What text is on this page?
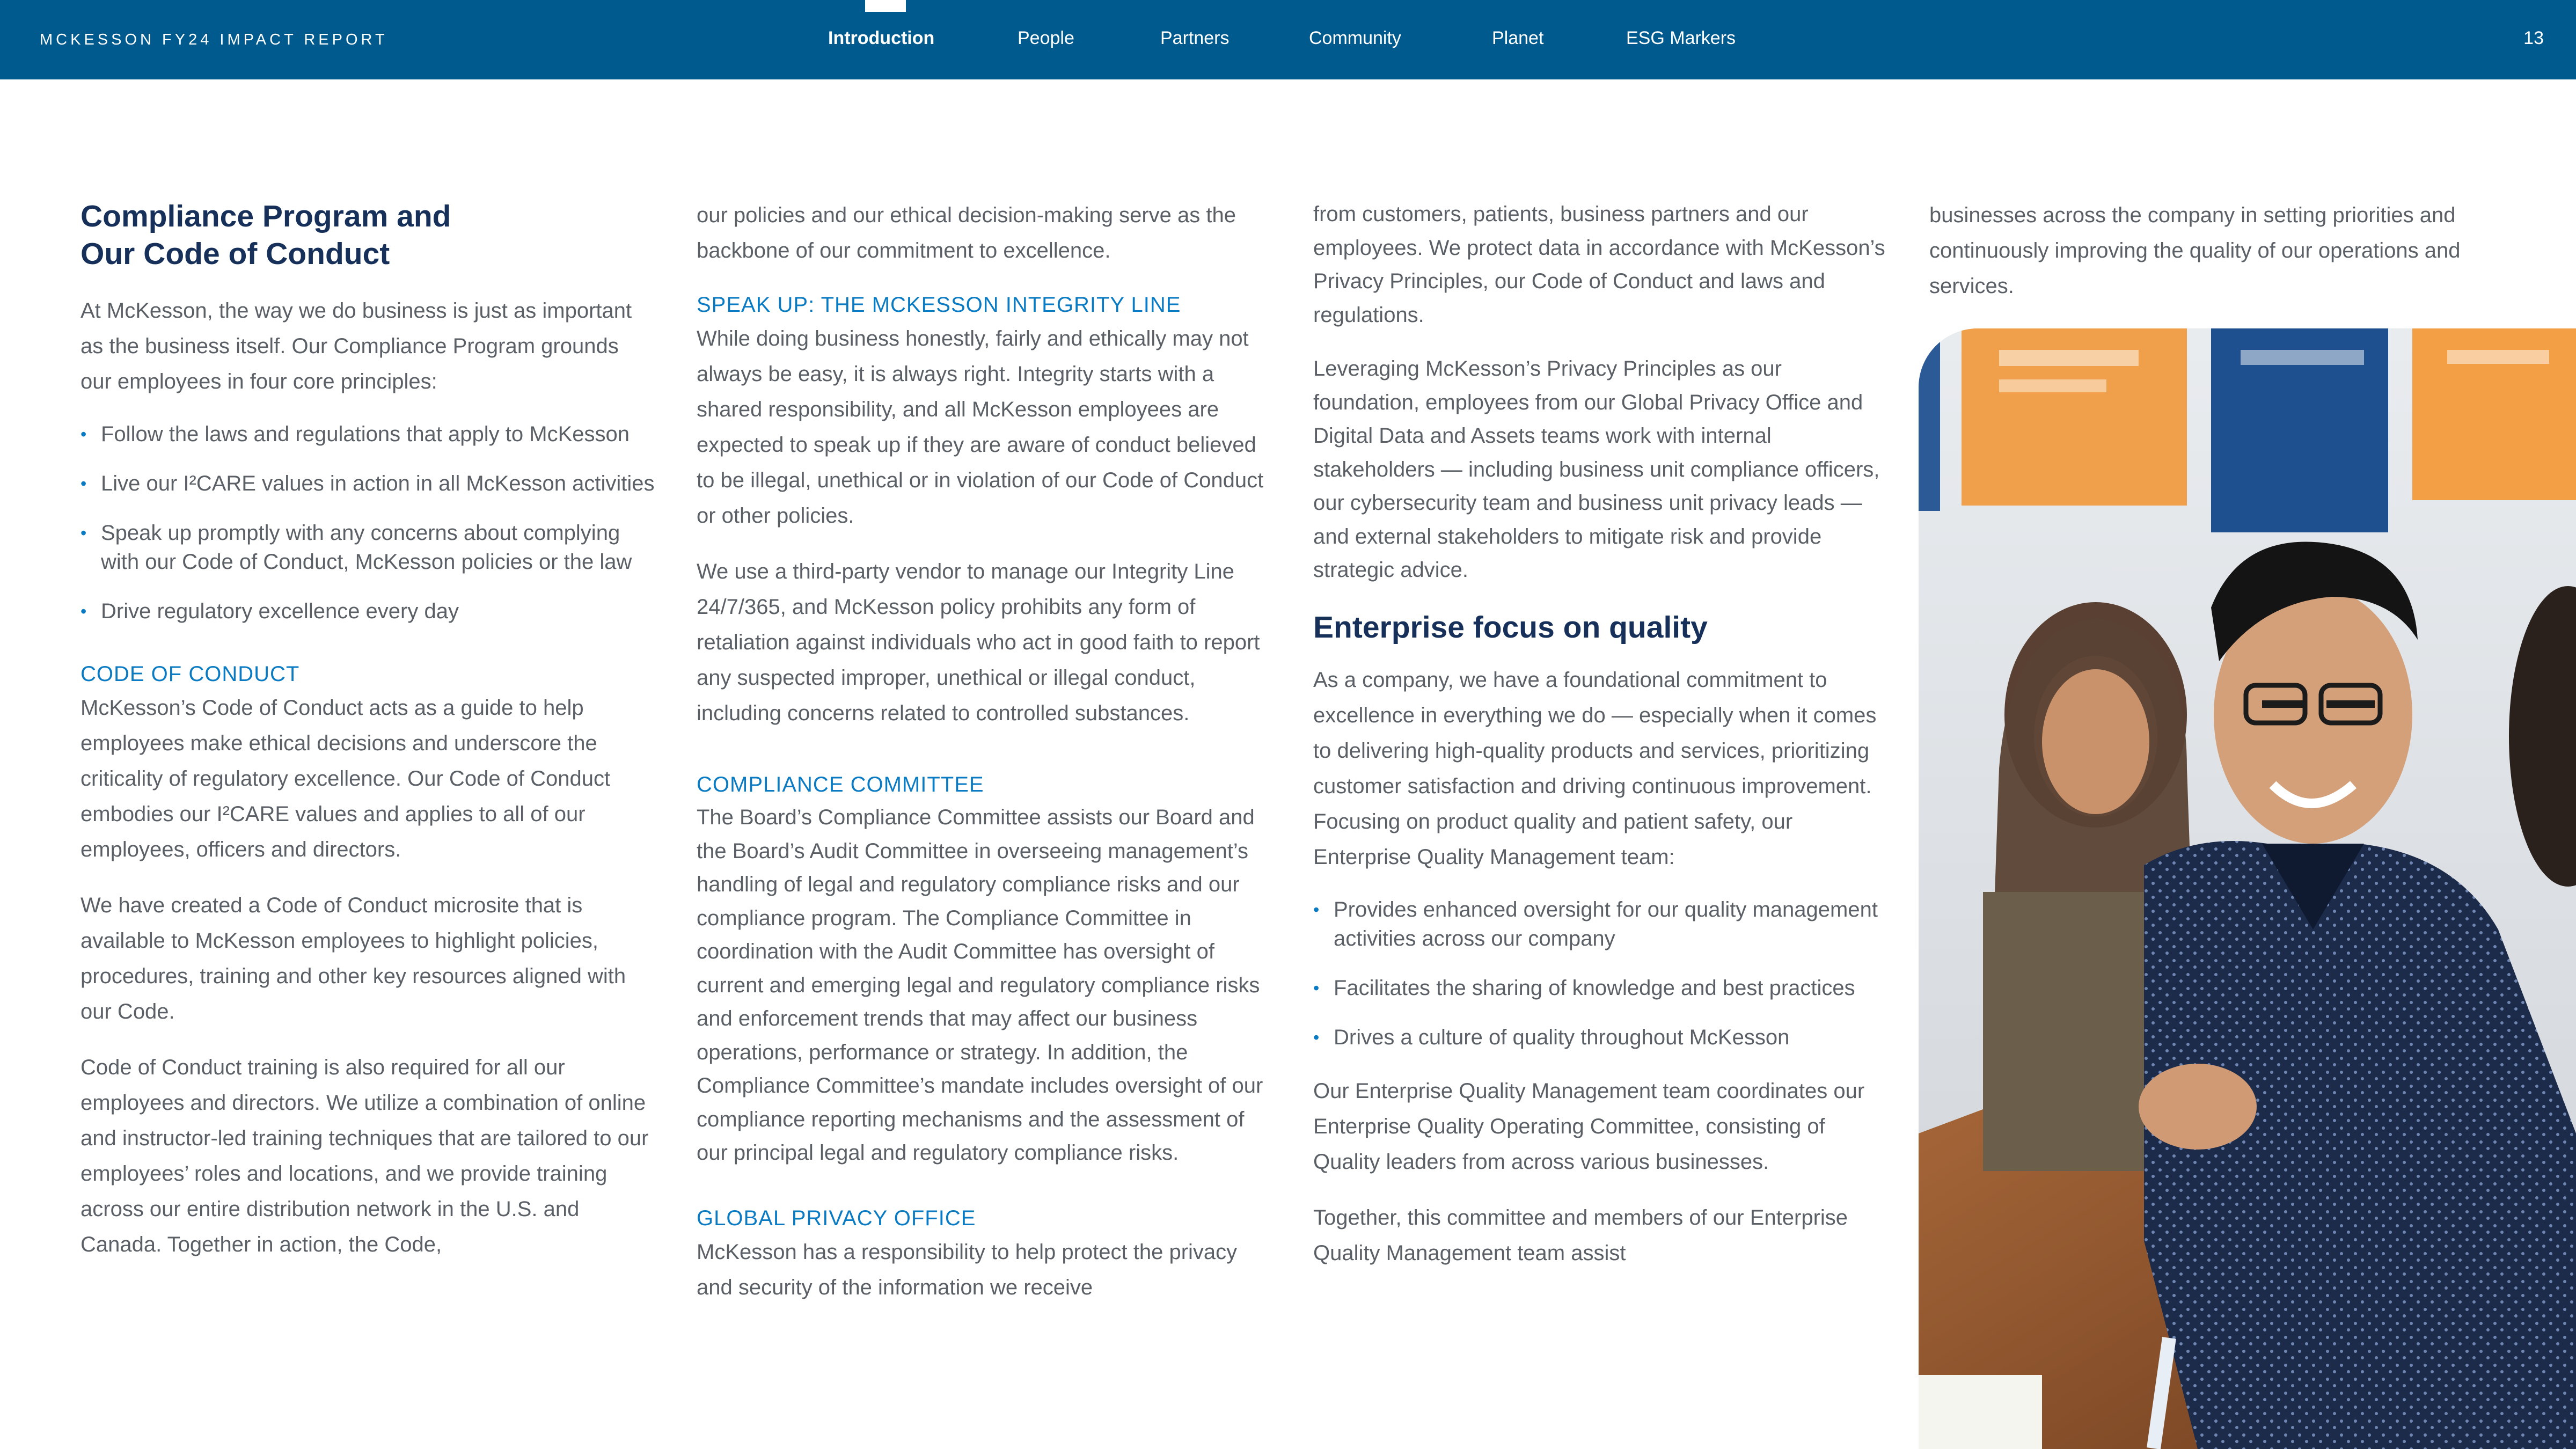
MCKESSON FY24 IMPACT REPORT	Introduction	People	Partners	Community	Planet	ESG Markers	13
Compliance Program and
Our Code of Conduct

At McKesson, the way we do business is just as important as the business itself. Our Compliance Program grounds our employees in four core principles:

• Follow the laws and regulations that apply to McKesson
• Live our I²CARE values in action in all McKesson activities
• Speak up promptly with any concerns about complying with our Code of Conduct, McKesson policies or the law
• Drive regulatory excellence every day
CODE OF CONDUCT

McKesson’s Code of Conduct acts as a guide to help employees make ethical decisions and underscore the criticality of regulatory excellence. Our Code of Conduct embodies our I²CARE values and applies to all of our employees, officers and directors.

We have created a Code of Conduct microsite that is available to McKesson employees to highlight policies, procedures, training and other key resources aligned with our Code.

Code of Conduct training is also required for all our employees and directors. We utilize a combination of online and instructor-led training techniques that are tailored to our employees’ roles and locations, and we provide training across our entire distribution network in the U.S. and Canada. Together in action, the Code,

our policies and our ethical decision-making serve as the backbone of our commitment to excellence.

SPEAK UP: THE MCKESSON INTEGRITY LINE

While doing business honestly, fairly and ethically may not always be easy, it is always right. Integrity starts with a shared responsibility, and all McKesson employees are expected to speak up if they are aware of conduct believed to be illegal, unethical or in violation of our Code of Conduct or other policies.

We use a third-party vendor to manage our Integrity Line 24/7/365, and McKesson policy prohibits any form of retaliation against individuals who act in good faith to report any suspected improper, unethical or illegal conduct, including concerns related to controlled substances.

COMPLIANCE COMMITTEE

The Board’s Compliance Committee assists our Board and the Board’s Audit Committee in overseeing management’s handling of legal and regulatory compliance risks and our compliance program. The Compliance Committee in coordination with the Audit Committee has oversight of current and emerging legal and regulatory compliance risks and enforcement trends that may affect our business operations, performance or strategy. In addition, the Compliance Committee’s mandate includes oversight of our compliance reporting mechanisms and the assessment of our principal legal and regulatory compliance risks.

GLOBAL PRIVACY OFFICE

McKesson has a responsibility to help protect the privacy and security of the information we receive

from customers, patients, business partners and our employees. We protect data in accordance with McKesson’s Privacy Principles, our Code of Conduct and laws and regulations.

Leveraging McKesson’s Privacy Principles as our foundation, employees from our Global Privacy Office and Digital Data and Assets teams work with internal stakeholders — including business unit compliance officers, our cybersecurity team and business unit privacy leads — and external stakeholders to mitigate risk and provide strategic advice.

Enterprise focus on quality

As a company, we have a foundational commitment to excellence in everything we do — especially when it comes to delivering high-quality products and services, prioritizing customer satisfaction and driving continuous improvement. Focusing on product quality and patient safety, our Enterprise Quality Management team:

• Provides enhanced oversight for our quality management activities across our company
• Facilitates the sharing of knowledge and best practices
• Drives a culture of quality throughout McKesson

Our Enterprise Quality Management team coordinates our Enterprise Quality Operating Committee, consisting of Quality leaders from across various businesses.

Together, this committee and members of our Enterprise Quality Management team assist

businesses across the company in setting priorities and continuously improving the quality of our operations and services.
